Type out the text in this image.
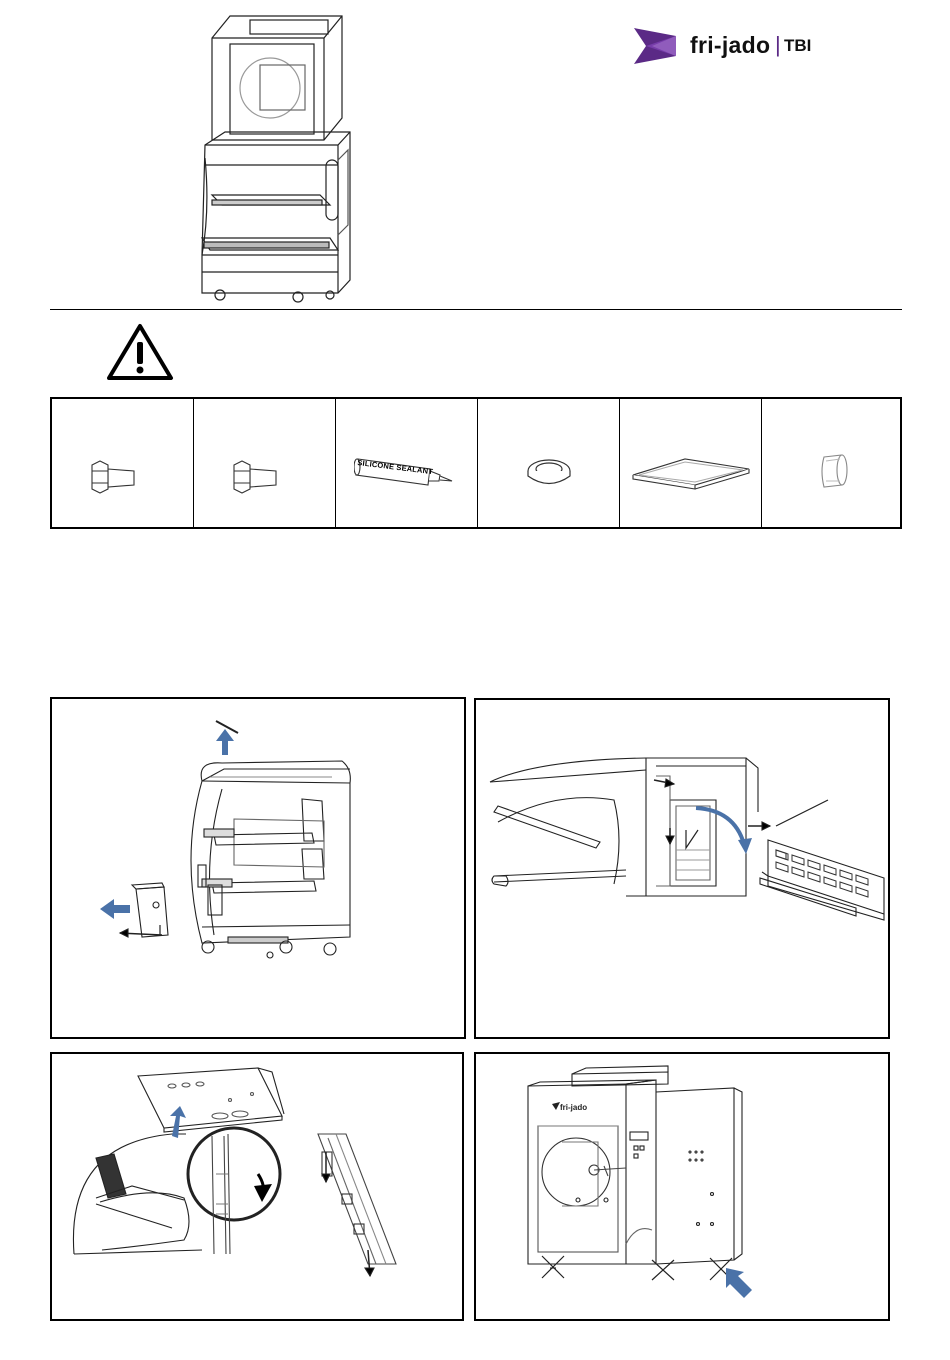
fri-jado | TBI
SILICONE SEALANT
fri-jado
